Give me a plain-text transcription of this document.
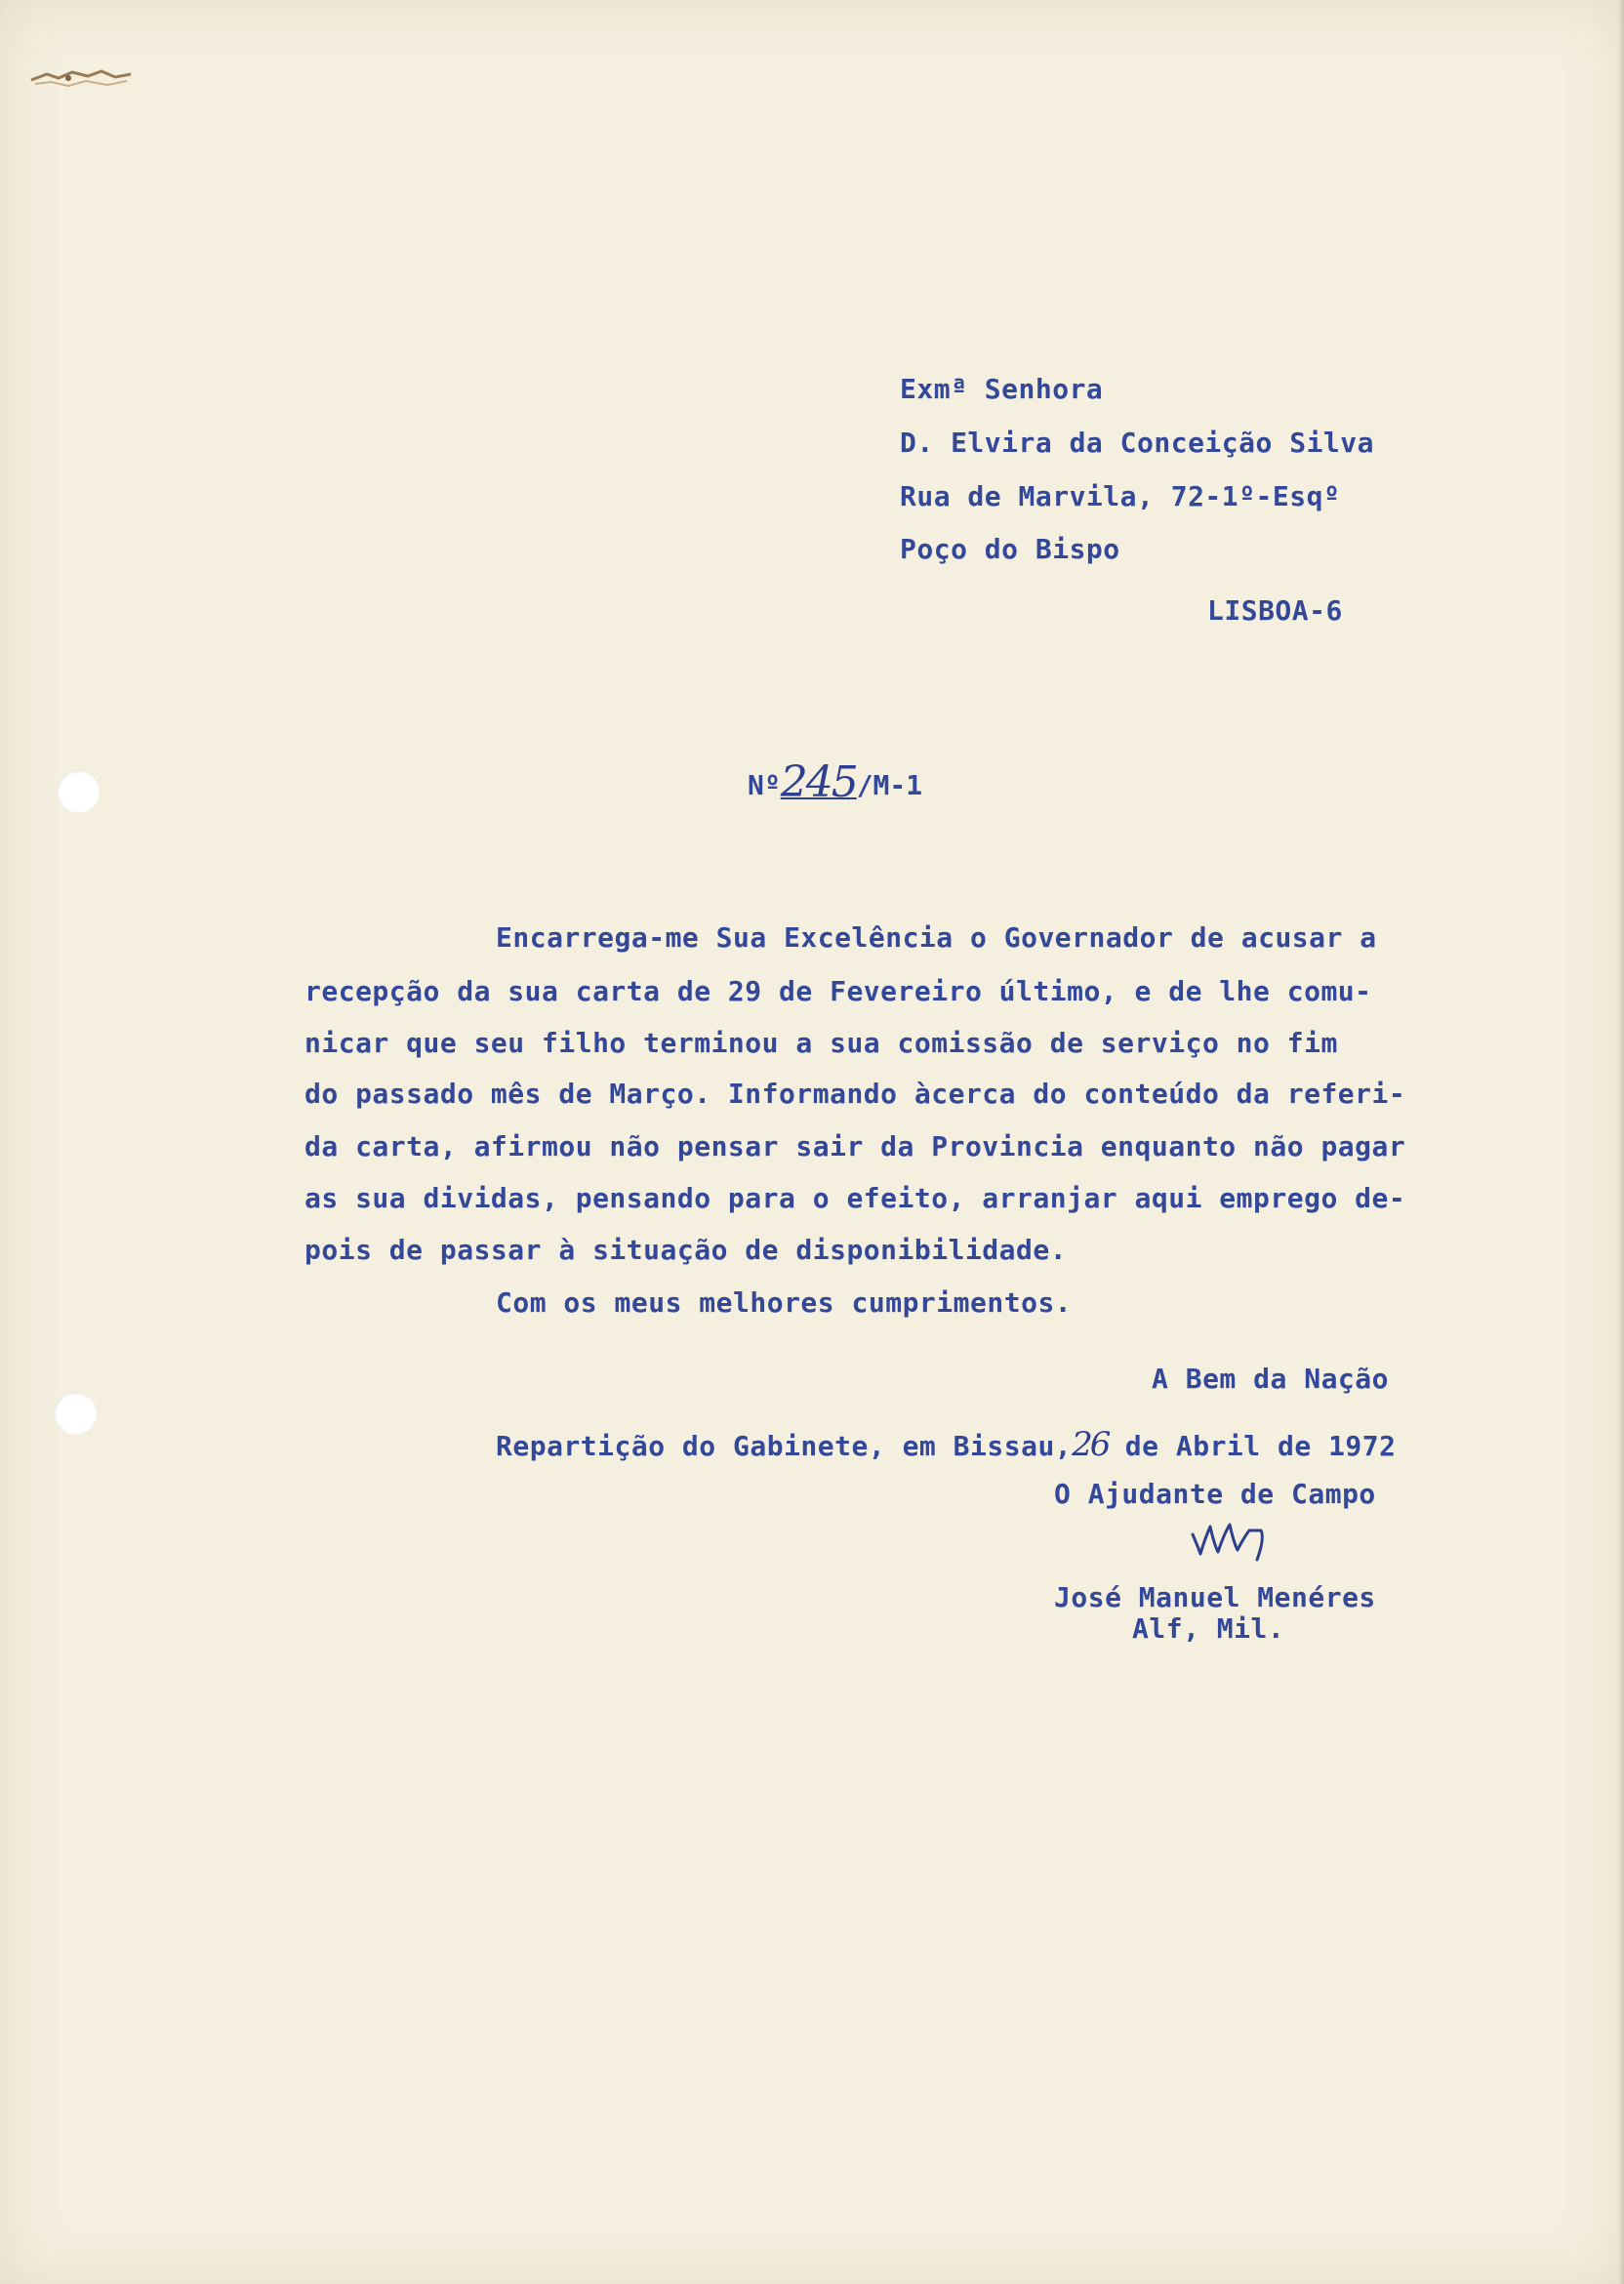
Exmª Senhora
D. Elvira da Conceição Silva
Rua de Marvila, 72-1º-Esqº
Poço do Bispo
LISBOA-6
Nº245/M-1
Encarrega-me Sua Excelência o Governador de acusar a
recepção da sua carta de 29 de Fevereiro último, e de lhe comu-
nicar que seu filho terminou a sua comissão de serviço no fim
do passado mês de Março. Informando àcerca do conteúdo da referi-
da carta, afirmou não pensar sair da Provincia enquanto não pagar
as sua dividas, pensando para o efeito, arranjar aqui emprego de-
pois de passar à situação de disponibilidade.
Com os meus melhores cumprimentos.
A Bem da Nação
Repartição do Gabinete, em Bissau,26 de Abril de 1972
O Ajudante de Campo
José Manuel Menéres
Alf, Mil.
